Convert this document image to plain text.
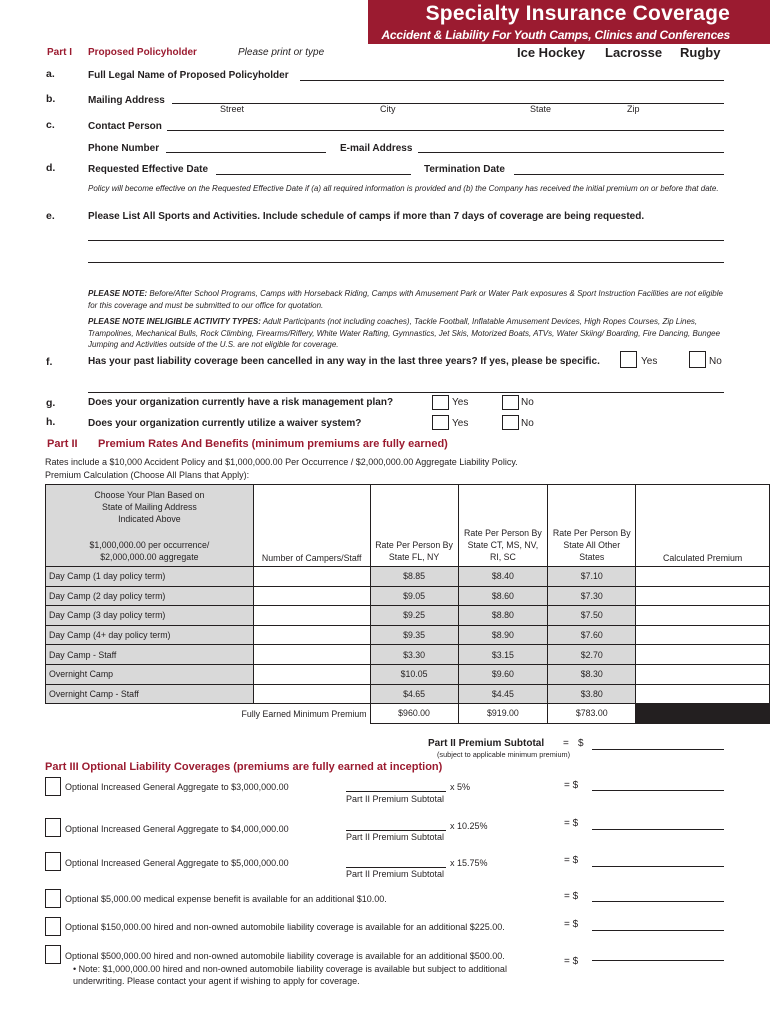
Specialty Insurance Coverage
Accident & Liability For Youth Camps, Clinics and Conferences
Ice Hockey Lacrosse Rugby
Part I Proposed Policyholder	Please print or type
a.	Full Legal Name of Proposed Policyholder
b.	Mailing Address
Street	City	State	Zip
c.	Contact Person
Phone Number	E-mail Address
d.	Requested Effective Date	Termination Date
Policy will become effective on the Requested Effective Date if (a) all required information is provided and (b) the Company has received the initial premium on or before that date.
e.	Please List All Sports and Activities. Include schedule of camps if more than 7 days of coverage are being requested.
PLEASE NOTE: Before/After School Programs, Camps with Horseback Riding, Camps with Amusement Park or Water Park exposures & Sport Instruction Facilities are not eligible for this coverage and must be submitted to our office for quotation.
PLEASE NOTE INELIGIBLE ACTIVITY TYPES: Adult Participants (not including coaches), Tackle Football, Inflatable Amusement Devices, High Ropes Courses, Zip Lines, Trampolines, Mechanical Bulls, Rock Climbing, Firearms/Riflery, White Water Rafting, Gymnastics, Jet Skis, Motorized Boats, ATVs, Water Skiing/ Boarding, Fire Dancing, Bungee Jumping and Activities outside of the U.S. are not eligible for coverage.
f.	Has your past liability coverage been cancelled in any way in the last three years? If yes, please be specific.	Yes	No
g.	Does your organization currently have a risk management plan?	Yes	No
h.	Does your organization currently utilize a waiver system?	Yes	No
Part II Premium Rates And Benefits (minimum premiums are fully earned)
Rates include a $10,000 Accident Policy and $1,000,000.00 Per Occurrence / $2,000,000.00 Aggregate Liability Policy.
Premium Calculation (Choose All Plans that Apply):
Choose Your Plan Based on State of Mailing Address Indicated Above
$1,000,000.00 per occurrence/ $2,000,000.00 aggregate	Number of Campers/Staff	Rate Per Person By State FL, NY	Rate Per Person By State CT, MS, NV, RI, SC	Rate Per Person By State All Other States	Calculated Premium
Day Camp (1 day policy term)		$8.85	$8.40	$7.10	
Day Camp (2 day policy term)		$9.05	$8.60	$7.30	
Day Camp (3 day policy term)		$9.25	$8.80	$7.50	
Day Camp (4+ day policy term)		$9.35	$8.90	$7.60	
Day Camp - Staff		$3.30	$3.15	$2.70	
Overnight Camp		$10.05	$9.60	$8.30	
Overnight Camp - Staff		$4.65	$4.45	$3.80	
Fully Earned Minimum Premium		$960.00	$919.00	$783.00	
Part II Premium Subtotal = $
(subject to applicable minimum premium)
Part III Optional Liability Coverages (premiums are fully earned at inception)
Optional Increased General Aggregate to $3,000,000.00	x 5%
Part II Premium Subtotal
= $
Optional Increased General Aggregate to $4,000,000.00	x 10.25%
Part II Premium Subtotal
= $
Optional Increased General Aggregate to $5,000,000.00	x 15.75%
Part II Premium Subtotal
= $
Optional $5,000.00 medical expense benefit is available for an additional $10.00.	= $
Optional $150,000.00 hired and non-owned automobile liability coverage is available for an additional $225.00.	= $
Optional $500,000.00 hired and non-owned automobile liability coverage is available for an additional $500.00.
• Note: $1,000,000.00 hired and non-owned automobile liability coverage is available but subject to additional underwriting. Please contact your agent if wishing to apply for coverage.
= $
